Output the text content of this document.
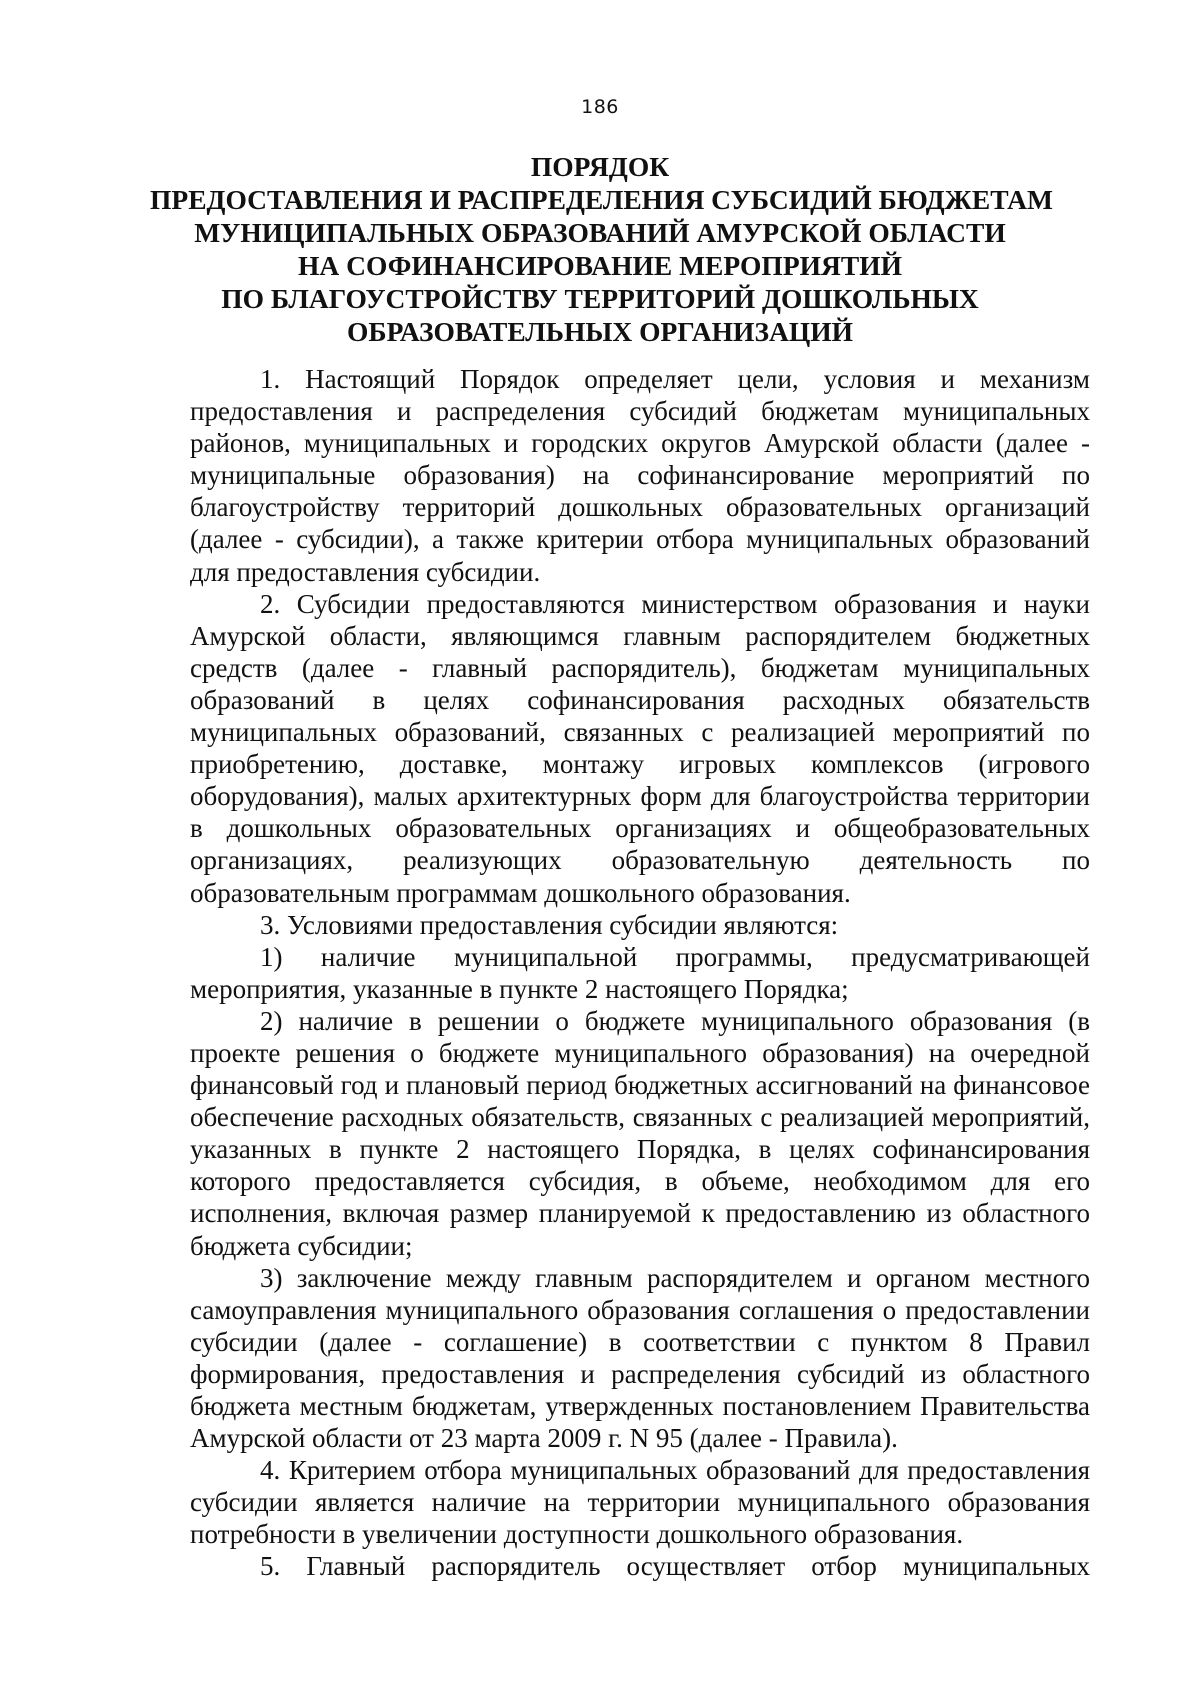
186
ПОРЯДОК
ПРЕДОСТАВЛЕНИЯ И РАСПРЕДЕЛЕНИЯ СУБСИДИЙ БЮДЖЕТАМ
МУНИЦИПАЛЬНЫХ ОБРАЗОВАНИЙ АМУРСКОЙ ОБЛАСТИ
НА СОФИНАНСИРОВАНИЕ МЕРОПРИЯТИЙ
ПО БЛАГОУСТРОЙСТВУ ТЕРРИТОРИЙ ДОШКОЛЬНЫХ
ОБРАЗОВАТЕЛЬНЫХ ОРГАНИЗАЦИЙ

1. Настоящий Порядок определяет цели, условия и механизм предоставления и распределения субсидий бюджетам муниципальных районов, муниципальных и городских округов Амурской области (далее - муниципальные образования) на софинансирование мероприятий по благоустройству территорий дошкольных образовательных организаций (далее - субсидии), а также критерии отбора муниципальных образований для предоставления субсидии.

2. Субсидии предоставляются министерством образования и науки Амурской области, являющимся главным распорядителем бюджетных средств (далее - главный распорядитель), бюджетам муниципальных образований в целях софинансирования расходных обязательств муниципальных образований, связанных с реализацией мероприятий по приобретению, доставке, монтажу игровых комплексов (игрового оборудования), малых архитектурных форм для благоустройства территории в дошкольных образовательных организациях и общеобразовательных организациях, реализующих образовательную деятельность по образовательным программам дошкольного образования.

3. Условиями предоставления субсидии являются:

1) наличие муниципальной программы, предусматривающей мероприятия, указанные в пункте 2 настоящего Порядка;

2) наличие в решении о бюджете муниципального образования (в проекте решения о бюджете муниципального образования) на очередной финансовый год и плановый период бюджетных ассигнований на финансовое обеспечение расходных обязательств, связанных с реализацией мероприятий, указанных в пункте 2 настоящего Порядка, в целях софинансирования которого предоставляется субсидия, в объеме, необходимом для его исполнения, включая размер планируемой к предоставлению из областного бюджета субсидии;

3) заключение между главным распорядителем и органом местного самоуправления муниципального образования соглашения о предоставлении субсидии (далее - соглашение) в соответствии с пунктом 8 Правил формирования, предоставления и распределения субсидий из областного бюджета местным бюджетам, утвержденных постановлением Правительства Амурской области от 23 марта 2009 г. N 95 (далее - Правила).

4. Критерием отбора муниципальных образований для предоставления субсидии является наличие на территории муниципального образования потребности в увеличении доступности дошкольного образования.

5. Главный распорядитель осуществляет отбор муниципальных
